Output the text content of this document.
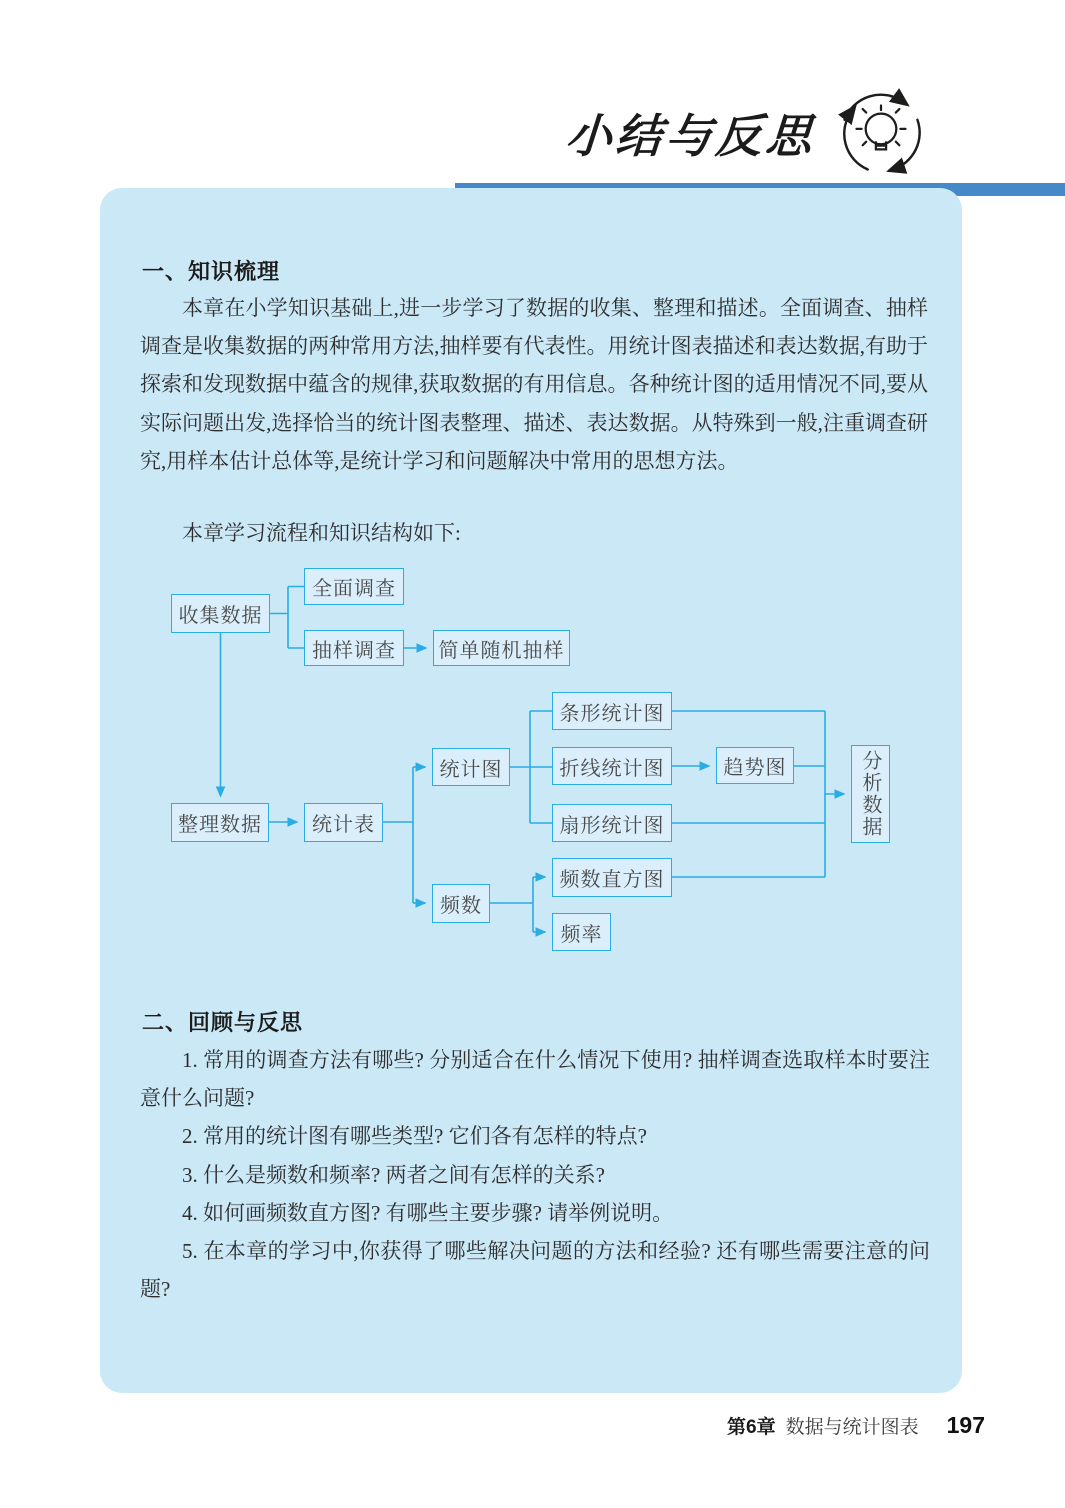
小结与反思
一、知识梳理

本章在小学知识基础上,进一步学习了数据的收集、整理和描述。全面调查、抽样调查是收集数据的两种常用方法,抽样要有代表性。用统计图表描述和表达数据,有助于探索和发现数据中蕴含的规律,获取数据的有用信息。各种统计图的适用情况不同,要从实际问题出发,选择恰当的统计图表整理、描述、表达数据。从特殊到一般,注重调查研究,用样本估计总体等,是统计学习和问题解决中常用的思想方法。

本章学习流程和知识结构如下:

收集数据
全面调查
抽样调查	简单随机抽样
整理数据	统计表
统计图
频数
条形统计图
折线统计图	趋势图
扇形统计图
频数直方图
频率
分析数据
二、回顾与反思

1. 常用的调查方法有哪些? 分别适合在什么情况下使用? 抽样调查选取样本时要注意什么问题?

2. 常用的统计图有哪些类型? 它们各有怎样的特点?

3. 什么是频数和频率? 两者之间有怎样的关系?

4. 如何画频数直方图? 有哪些主要步骤? 请举例说明。

5. 在本章的学习中,你获得了哪些解决问题的方法和经验? 还有哪些需要注意的问题?

第6章 数据与统计图表 197
